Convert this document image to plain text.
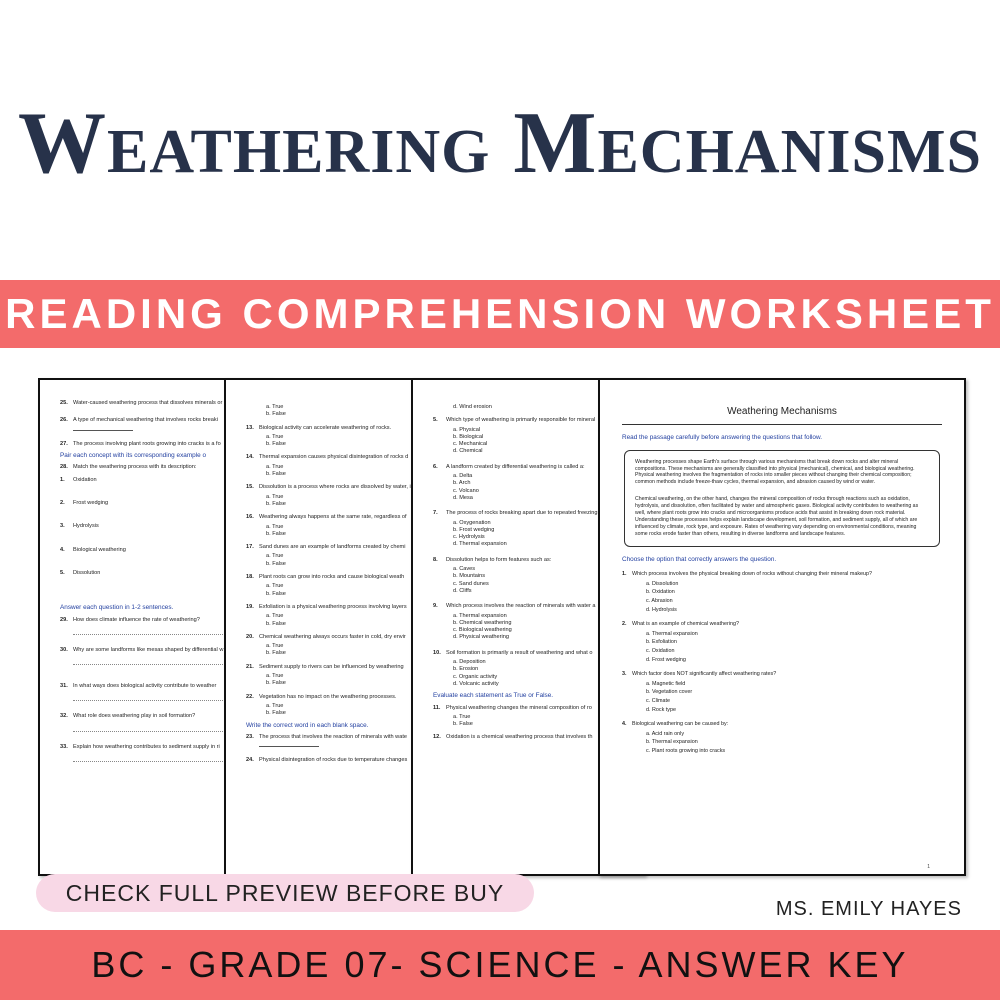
Weathering Mechanisms
READING COMPREHENSION WORKSHEET
25. Water-caused weathering process that dissolves minerals or
26. A type of mechanical weathering that involves rocks breaki
27. The process involving plant roots growing into cracks is a fo
Pair each concept with its corresponding example o
28. Match the weathering process with its description:
1.	Oxidation
2.	Frost wedging
3.	Hydrolysis
4.	Biological weathering
5.	Dissolution
Answer each question in 1-2 sentences.
29. How does climate influence the rate of weathering?
30. Why are some landforms like mesas shaped by differential w
31. In what ways does biological activity contribute to weather
32. What role does weathering play in soil formation?
33. Explain how weathering contributes to sediment supply in ri
a. True
b. False
13. Biological activity can accelerate weathering of rocks.
a. True
b. False
14. Thermal expansion causes physical disintegration of rocks d
a. True
b. False
15. Dissolution is a process where rocks are dissolved by water, i
a. True
b. False
16. Weathering always happens at the same rate, regardless of
a. True
b. False
17. Sand dunes are an example of landforms created by chemi
a. True
b. False
18. Plant roots can grow into rocks and cause biological weath
a. True
b. False
19. Exfoliation is a physical weathering process involving layers
a. True
b. False
20. Chemical weathering always occurs faster in cold, dry envir
a. True
b. False
21. Sediment supply to rivers can be influenced by weathering
a. True
b. False
22. Vegetation has no impact on the weathering processes.
a. True
b. False
Write the correct word in each blank space.
23. The process that involves the reaction of minerals with wate
24. Physical disintegration of rocks due to temperature changes
d. Wind erosion
5.	Which type of weathering is primarily responsible for mineral
a. Physical
b. Biological
c. Mechanical
d. Chemical
6.	A landform created by differential weathering is called a:
a. Delta
b. Arch
c. Volcano
d. Mesa
7.	The process of rocks breaking apart due to repeated freezing
a. Oxygenation
b. Frost wedging
c. Hydrolysis
d. Thermal expansion
8.	Dissolution helps to form features such as:
a. Caves
b. Mountains
c. Sand dunes
d. Cliffs
9.	Which process involves the reaction of minerals with water a
a. Thermal expansion
b. Chemical weathering
c. Biological weathering
d. Physical weathering
10. Soil formation is primarily a result of weathering and what o
a. Deposition
b. Erosion
c. Organic activity
d. Volcanic activity
Evaluate each statement as True or False.
11. Physical weathering changes the mineral composition of ro
a. True
b. False
12. Oxidation is a chemical weathering process that involves th
Weathering Mechanisms
Read the passage carefully before answering the questions that follow.

Weathering processes shape Earth's surface through various mechanisms that break down rocks and alter mineral compositions. These mechanisms are generally classified into physical (mechanical), chemical, and biological weathering. Physical weathering involves the fragmentation of rocks into smaller pieces without changing their chemical composition; common methods include freeze-thaw cycles, thermal expansion, and abrasion caused by wind or water.

Chemical weathering, on the other hand, changes the mineral composition of rocks through reactions such as oxidation, hydrolysis, and dissolution, often facilitated by water and atmospheric gases. Biological activity contributes to weathering as well, where plant roots grow into cracks and microorganisms produce acids that assist in breaking down rock material. Understanding these processes helps explain landscape development, soil formation, and sediment supply, all of which are influenced by climate, rock type, and exposure. Rates of weathering vary depending on environmental conditions, meaning some rocks erode faster than others, resulting in diverse landforms and landscape features.

Choose the option that correctly answers the question.
1.	Which process involves the physical breaking down of rocks without changing their mineral makeup?
a. Dissolution
b. Oxidation
c. Abrasion
d. Hydrolysis
2.	What is an example of chemical weathering?
a. Thermal expansion
b. Exfoliation
c. Oxidation
d. Frost wedging
3.	Which factor does NOT significantly affect weathering rates?
a. Magnetic field
b. Vegetation cover
c. Climate
d. Rock type
4.	Biological weathering can be caused by:
a. Acid rain only
b. Thermal expansion
c. Plant roots growing into cracks
1
CHECK FULL PREVIEW BEFORE BUY
MS. EMILY HAYES
BC - GRADE 07- SCIENCE - ANSWER KEY
